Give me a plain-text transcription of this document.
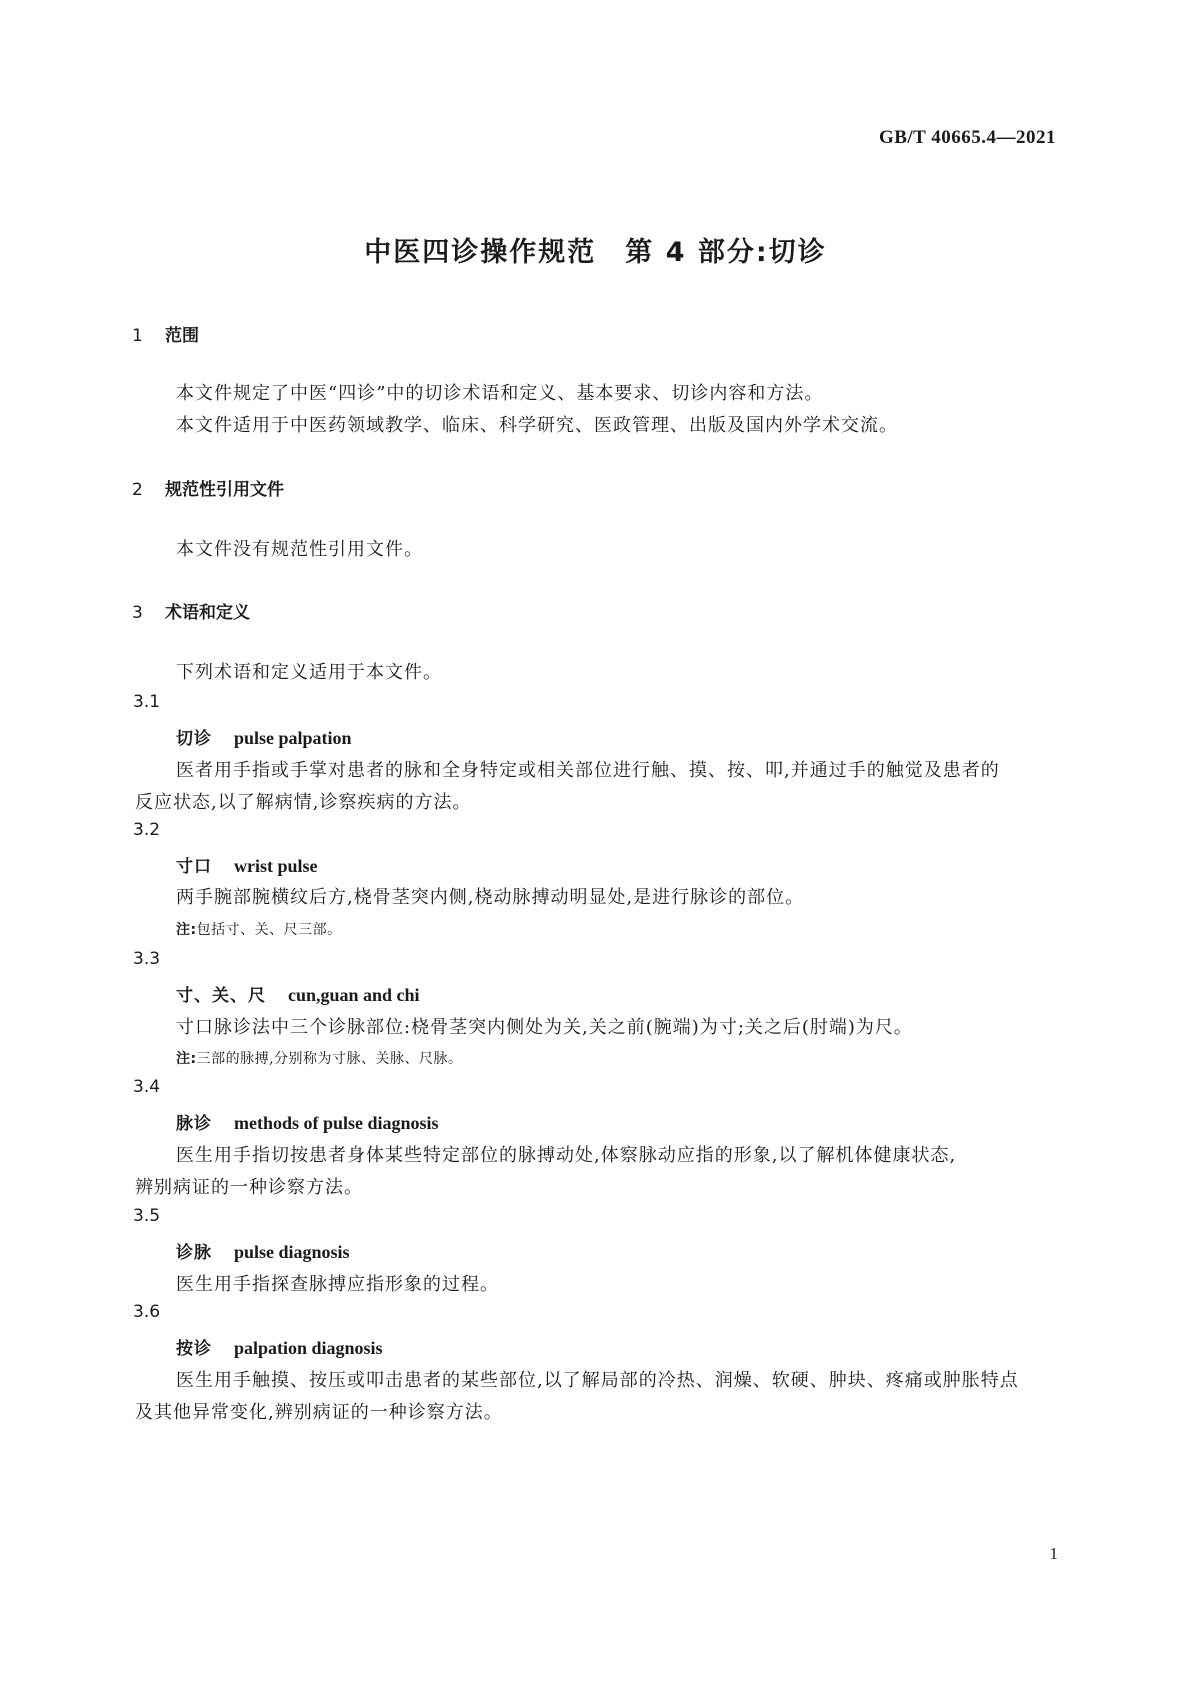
GB/T 40665.4—2021
中医四诊操作规范　第 4 部分:切诊
1 范围
本文件规定了中医“四诊”中的切诊术语和定义、基本要求、切诊内容和方法。
本文件适用于中医药领域教学、临床、科学研究、医政管理、出版及国内外学术交流。
2 规范性引用文件
本文件没有规范性引用文件。
3 术语和定义
下列术语和定义适用于本文件。
3.1
切诊 pulse palpation
医者用手指或手掌对患者的脉和全身特定或相关部位进行触、摸、按、叩,并通过手的触觉及患者的
反应状态,以了解病情,诊察疾病的方法。
3.2
寸口 wrist pulse
两手腕部腕横纹后方,桡骨茎突内侧,桡动脉搏动明显处,是进行脉诊的部位。
注:包括寸、关、尺三部。
3.3
寸、关、尺 cun,guan and chi
寸口脉诊法中三个诊脉部位:桡骨茎突内侧处为关,关之前(腕端)为寸;关之后(肘端)为尺。
注:三部的脉搏,分别称为寸脉、关脉、尺脉。
3.4
脉诊 methods of pulse diagnosis
医生用手指切按患者身体某些特定部位的脉搏动处,体察脉动应指的形象,以了解机体健康状态,
辨别病证的一种诊察方法。
3.5
诊脉 pulse diagnosis
医生用手指探查脉搏应指形象的过程。
3.6
按诊 palpation diagnosis
医生用手触摸、按压或叩击患者的某些部位,以了解局部的冷热、润燥、软硬、肿块、疼痛或肿胀特点
及其他异常变化,辨别病证的一种诊察方法。
1
